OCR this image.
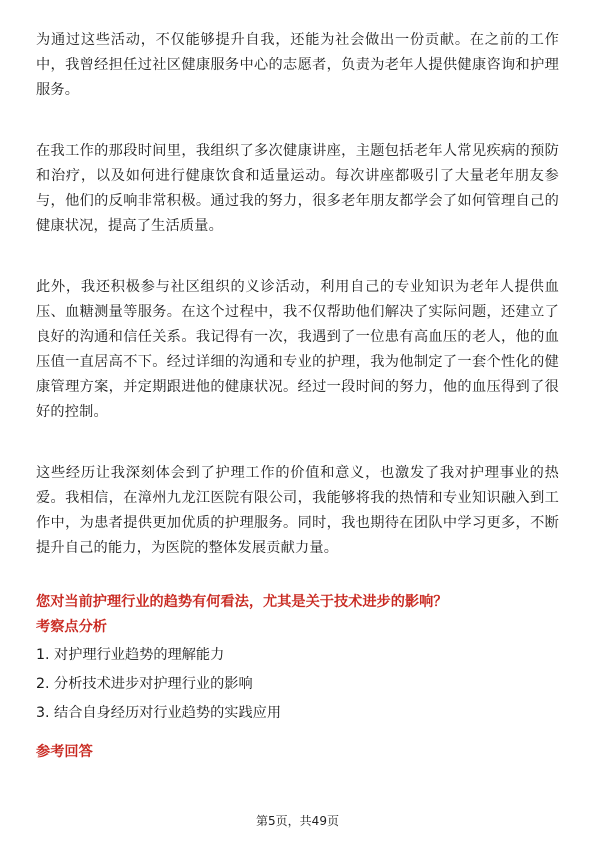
为通过这些活动，不仅能够提升自我，还能为社会做出一份贡献。在之前的工作中，我曾经担任过社区健康服务中心的志愿者，负责为老年人提供健康咨询和护理服务。

在我工作的那段时间里，我组织了多次健康讲座，主题包括老年人常见疾病的预防和治疗，以及如何进行健康饮食和适量运动。每次讲座都吸引了大量老年朋友参与，他们的反响非常积极。通过我的努力，很多老年朋友都学会了如何管理自己的健康状况，提高了生活质量。

此外，我还积极参与社区组织的义诊活动，利用自己的专业知识为老年人提供血压、血糖测量等服务。在这个过程中，我不仅帮助他们解决了实际问题，还建立了良好的沟通和信任关系。我记得有一次，我遇到了一位患有高血压的老人，他的血压值一直居高不下。经过详细的沟通和专业的护理，我为他制定了一套个性化的健康管理方案，并定期跟进他的健康状况。经过一段时间的努力，他的血压得到了很好的控制。

这些经历让我深刻体会到了护理工作的价值和意义，也激发了我对护理事业的热爱。我相信，在漳州九龙江医院有限公司，我能够将我的热情和专业知识融入到工作中，为患者提供更加优质的护理服务。同时，我也期待在团队中学习更多，不断提升自己的能力，为医院的整体发展贡献力量。

您对当前护理行业的趋势有何看法，尤其是关于技术进步的影响？
考察点分析
1. 对护理行业趋势的理解能力
2. 分析技术进步对护理行业的影响
3. 结合自身经历对行业趋势的实践应用
参考回答
第5页，共49页
